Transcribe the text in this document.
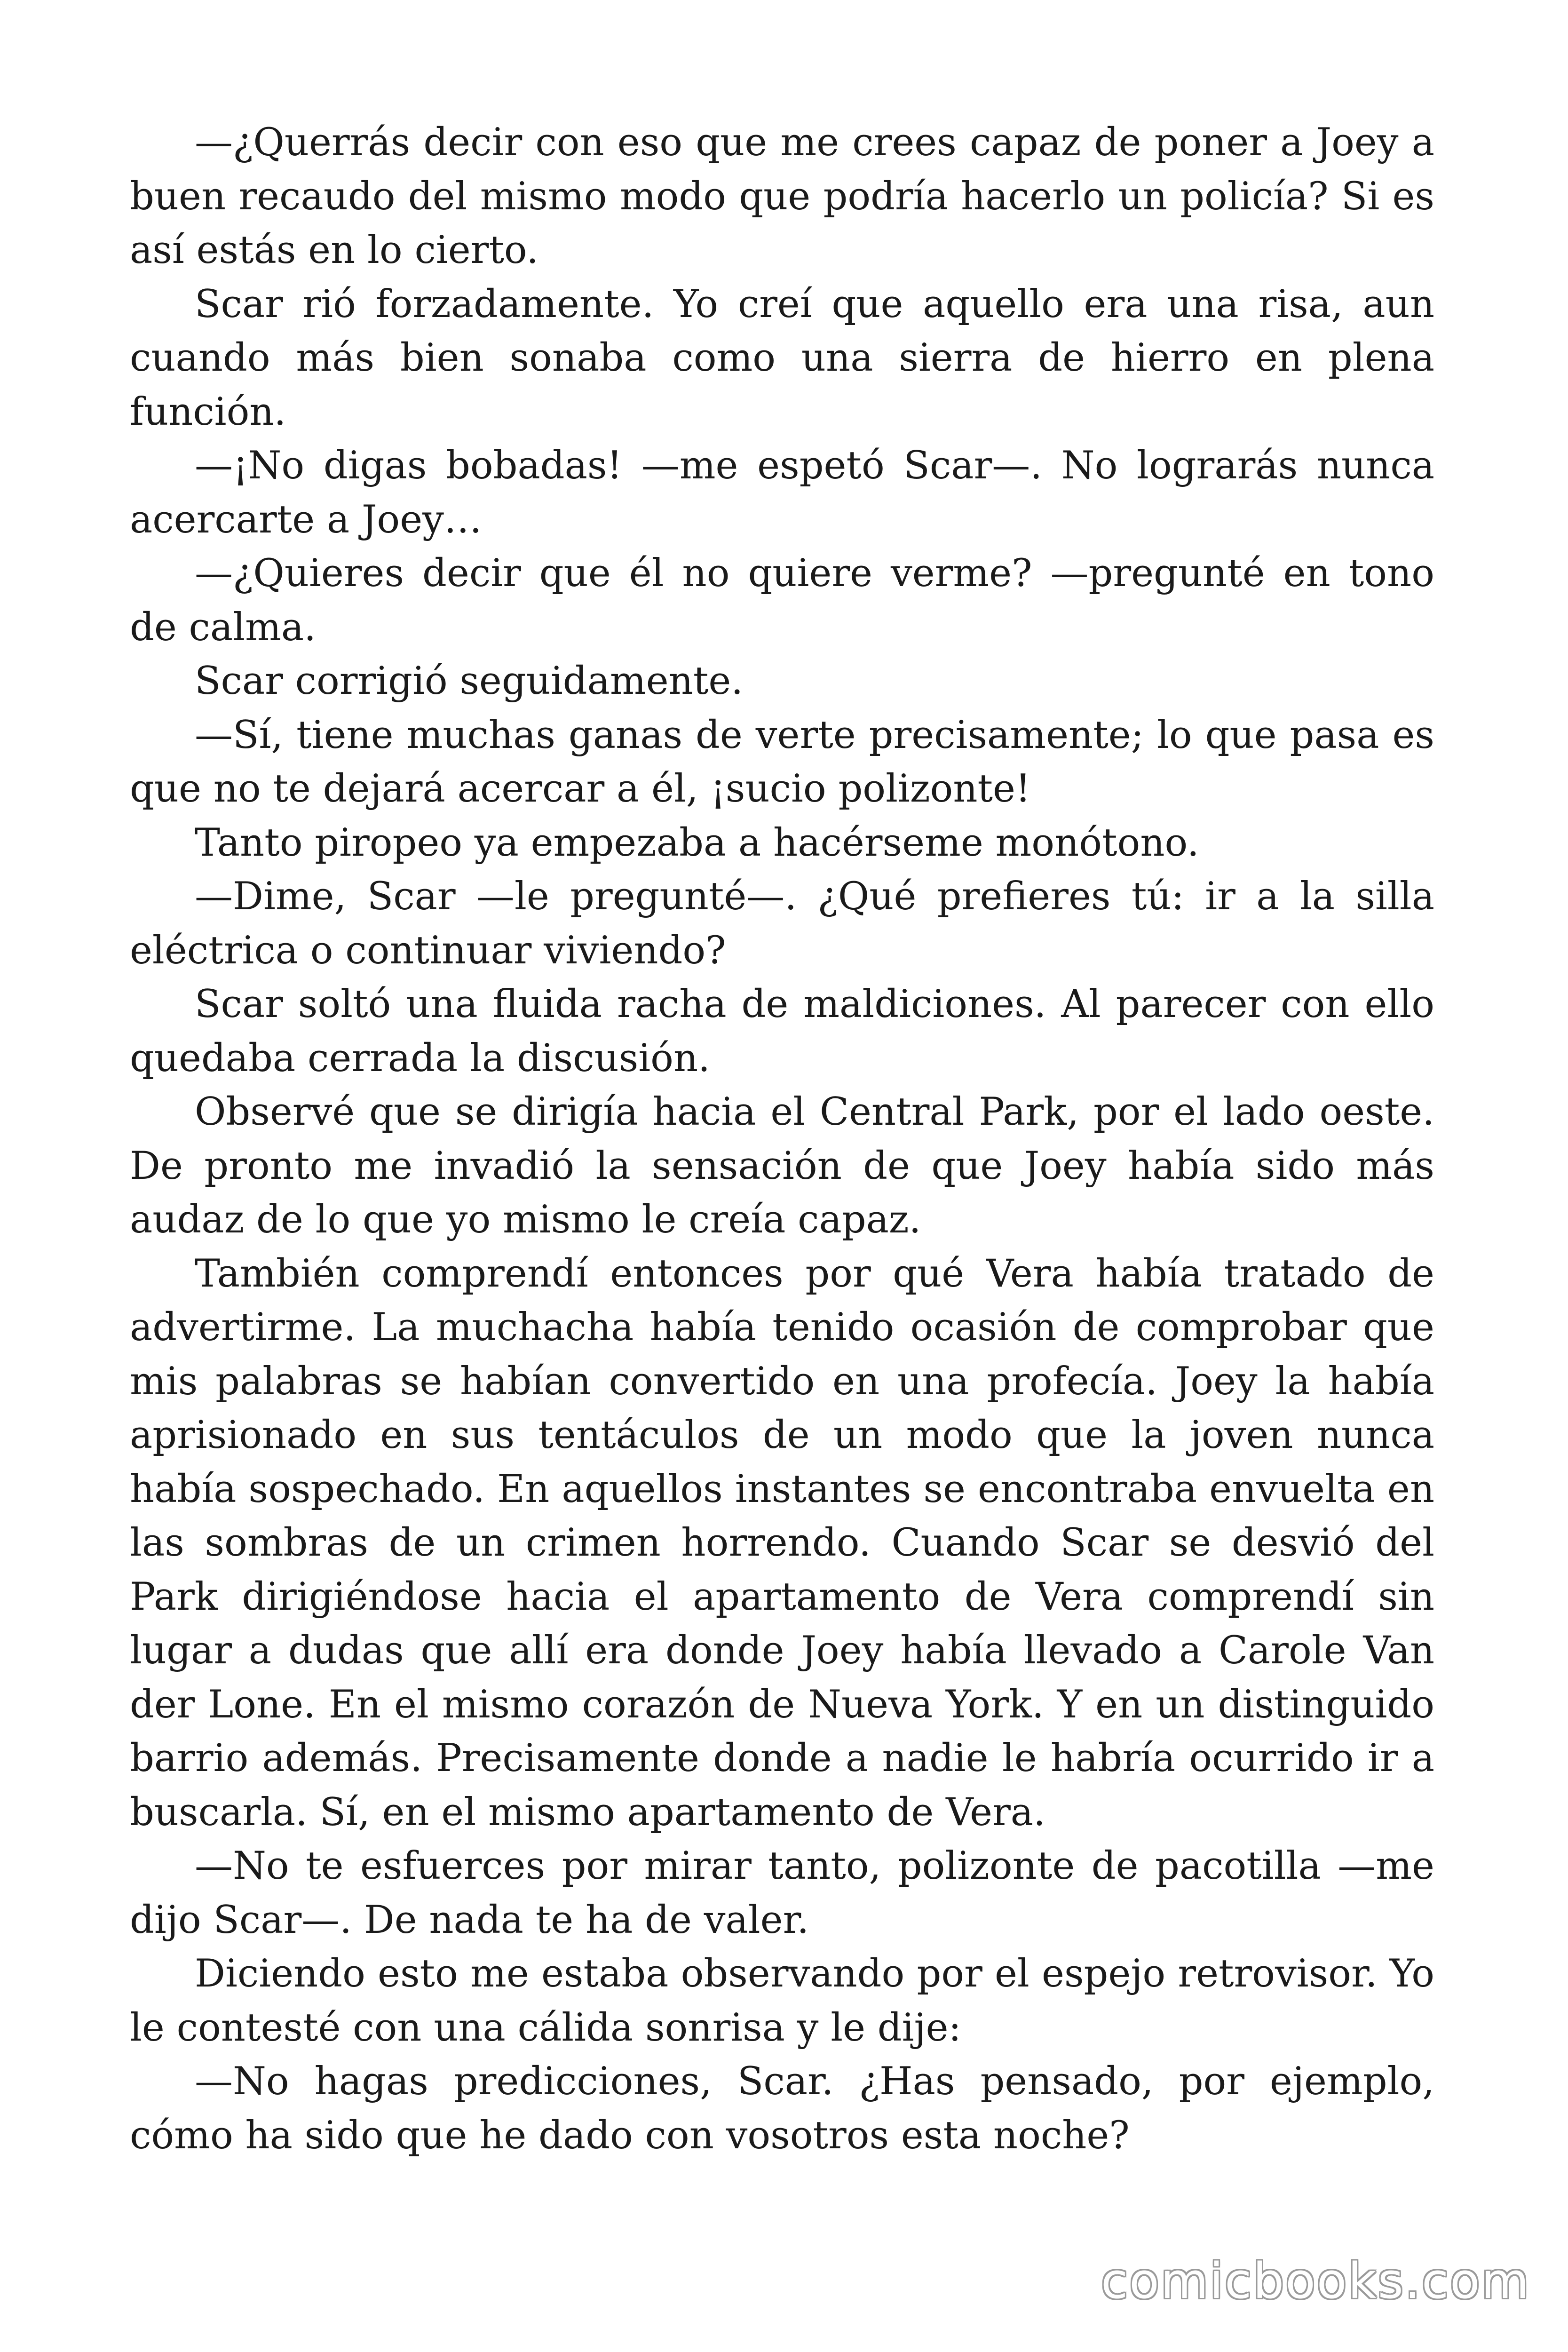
—¿Querrás decir con eso que me crees capaz de poner a Joey a buen recaudo del mismo modo que podría hacerlo un policía? Si es así estás en lo cierto.

Scar rió forzadamente. Yo creí que aquello era una risa, aun cuando más bien sonaba como una sierra de hierro en plena función.

—¡No digas bobadas! —me espetó Scar—. No lograrás nunca acercarte a Joey…

—¿Quieres decir que él no quiere verme? —pregunté en tono de calma.

Scar corrigió seguidamente.

—Sí, tiene muchas ganas de verte precisamente; lo que pasa es que no te dejará acercar a él, ¡sucio polizonte!

Tanto piropeo ya empezaba a hacérseme monótono.

—Dime, Scar —le pregunté—. ¿Qué prefieres tú: ir a la silla eléctrica o continuar viviendo?

Scar soltó una fluida racha de maldiciones. Al parecer con ello quedaba cerrada la discusión.

Observé que se dirigía hacia el Central Park, por el lado oeste. De pronto me invadió la sensación de que Joey había sido más audaz de lo que yo mismo le creía capaz.

También comprendí entonces por qué Vera había tratado de advertirme. La muchacha había tenido ocasión de comprobar que mis palabras se habían convertido en una profecía. Joey la había aprisionado en sus tentáculos de un modo que la joven nunca había sospechado. En aquellos instantes se encontraba envuelta en las sombras de un crimen horrendo. Cuando Scar se desvió del Park dirigiéndose hacia el apartamento de Vera comprendí sin lugar a dudas que allí era donde Joey había llevado a Carole Van der Lone. En el mismo corazón de Nueva York. Y en un distinguido barrio además. Precisamente donde a nadie le habría ocurrido ir a buscarla. Sí, en el mismo apartamento de Vera.

—No te esfuerces por mirar tanto, polizonte de pacotilla —me dijo Scar—. De nada te ha de valer.

Diciendo esto me estaba observando por el espejo retrovisor. Yo le contesté con una cálida sonrisa y le dije:

—No hagas predicciones, Scar. ¿Has pensado, por ejemplo, cómo ha sido que he dado con vosotros esta noche?

comicbooks.com
